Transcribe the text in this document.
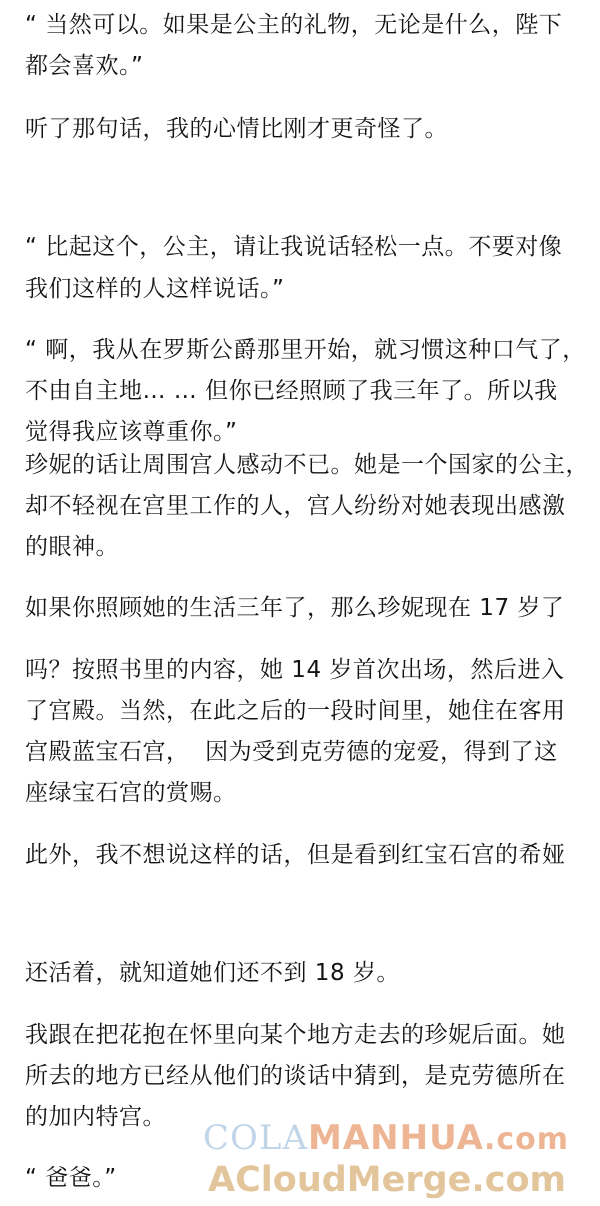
“ 当然可以。如果是公主的礼物，无论是什么，陛下
都会喜欢。”
听了那句话，我的心情比刚才更奇怪了。
“ 比起这个，公主，请让我说话轻松一点。不要对像
我们这样的人这样说话。”
“ 啊，我从在罗斯公爵那里开始，就习惯这种口气了，
不由自主地… … 但你已经照顾了我三年了。所以我
觉得我应该尊重你。”
珍妮的话让周围宫人感动不已。她是一个国家的公主，
却不轻视在宫里工作的人，宫人纷纷对她表现出感激
的眼神。
如果你照顾她的生活三年了，那么珍妮现在 17 岁了
吗？按照书里的内容，她 14 岁首次出场，然后进入
了宫殿。当然，在此之后的一段时间里，她住在客用
宫殿蓝宝石宫，  因为受到克劳德的宠爱，得到了这
座绿宝石宫的赏赐。
此外，我不想说这样的话，但是看到红宝石宫的希娅
还活着，就知道她们还不到 18 岁。
我跟在把花抱在怀里向某个地方走去的珍妮后面。她
所去的地方已经从他们的谈话中猜到，是克劳德所在
的加内特宫。
“ 爸爸。”
COLAMANHUA.com
ACloudMerge.com
